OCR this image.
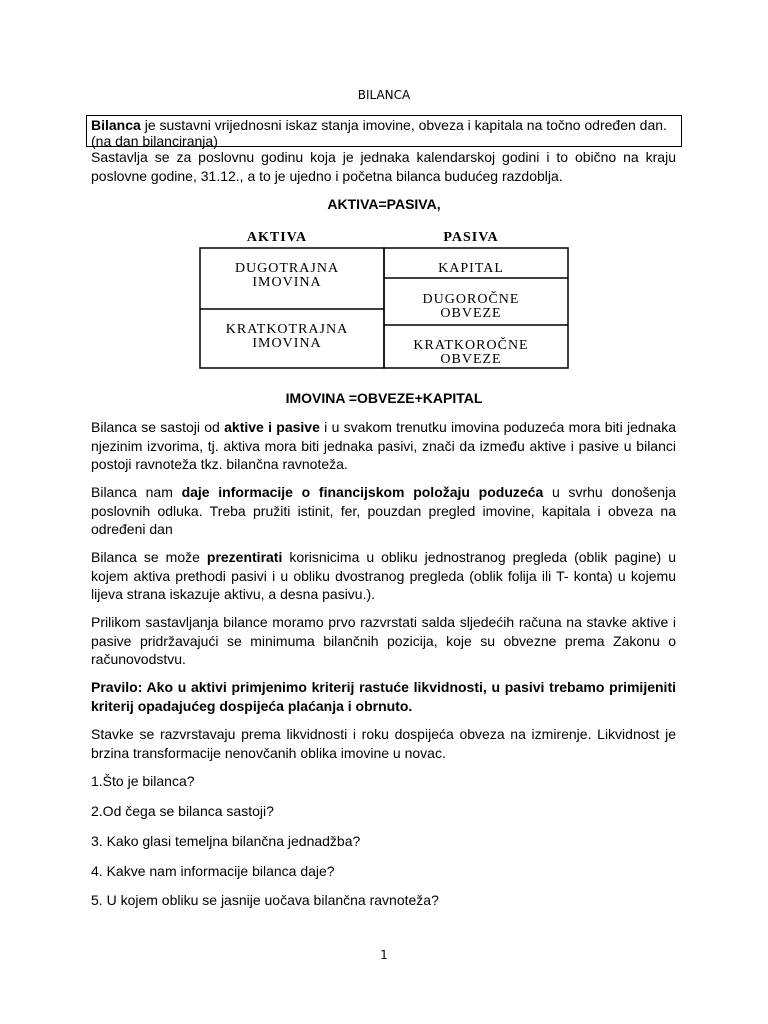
BILANCA
Bilanca je sustavni vrijednosni iskaz stanja imovine, obveza i kapitala na točno određen dan.
(na dan bilanciranja)

Sastavlja se za poslovnu godinu koja je jednaka kalendarskoj godini i to obično na kraju poslovne godine, 31.12., a to je ujedno i početna bilanca budućeg razdoblja.

AKTIVA=PASIVA,

AKTIVA	PASIVA
DUGOTRAJNA
IMOVINA
KRATKOTRAJNA
IMOVINA
KAPITAL
DUGOROČNE
OBVEZE
KRATKOROČNE
OBVEZE

IMOVINA =OBVEZE+KAPITAL

Bilanca se sastoji od aktive i pasive i u svakom trenutku imovina poduzeća mora biti jednaka njezinim izvorima, tj. aktiva mora biti jednaka pasivi, znači da između aktive i pasive u bilanci postoji ravnoteža tkz. bilančna ravnoteža.

Bilanca nam daje informacije o financijskom položaju poduzeća u svrhu donošenja poslovnih odluka. Treba pružiti istinit, fer, pouzdan pregled imovine, kapitala i obveza na određeni dan

Bilanca se može prezentirati korisnicima u obliku jednostranog pregleda (oblik pagine) u kojem aktiva prethodi pasivi i u obliku dvostranog pregleda (oblik folija ili T- konta) u kojemu lijeva strana iskazuje aktivu, a desna pasivu.).

Prilikom sastavljanja bilance moramo prvo razvrstati salda sljedećih računa na stavke aktive i pasive pridržavajući se minimuma bilančnih pozicija, koje su obvezne prema Zakonu o računovodstvu.

Pravilo: Ako u aktivi primjenimo kriterij rastuće likvidnosti, u pasivi trebamo primijeniti kriterij opadajućeg dospijeća plaćanja i obrnuto.

Stavke se razvrstavaju prema likvidnosti i roku dospijeća obveza na izmirenje. Likvidnost je brzina transformacije nenovčanih oblika imovine u novac.

1.Što je bilanca?

2.Od čega se bilanca sastoji?

3. Kako glasi temeljna bilančna jednadžba?

4. Kakve nam informacije bilanca daje?

5. U kojem obliku se jasnije uočava bilančna ravnoteža?

1
